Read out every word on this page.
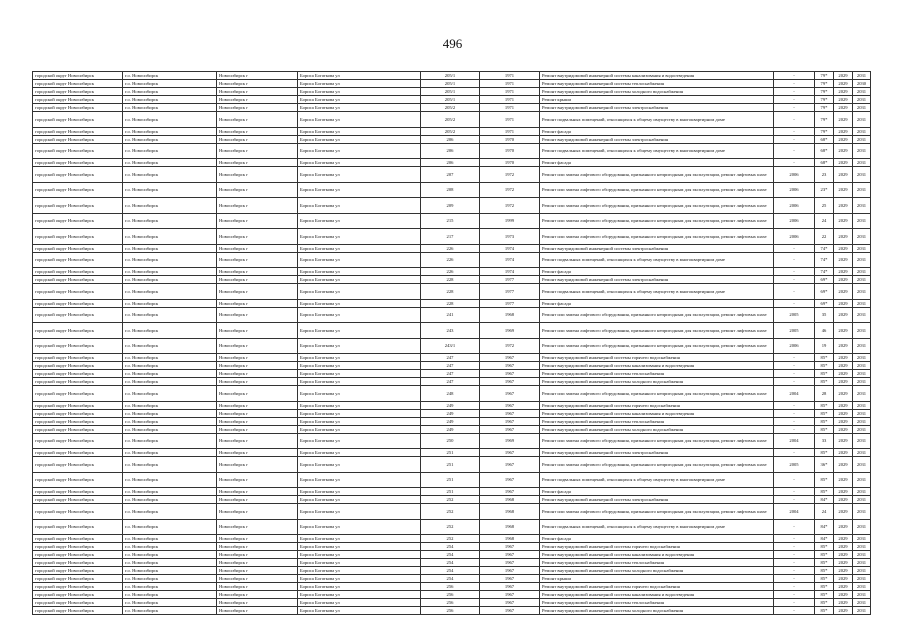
496
городской округ Новосибирск	г.о. Новосибирск	Новосибирск г	Бориса Богаткова ул	205/1	1971	Ремонт внутридомовой инженерной системы канализования и водоотведения	-	79*	2029	2031
городской округ Новосибирск	г.о. Новосибирск	Новосибирск г	Бориса Богаткова ул	205/1	1971	Ремонт внутридомовой инженерной системы теплоснабжения	-	79*	2029	2030
городской округ Новосибирск	г.о. Новосибирск	Новосибирск г	Бориса Богаткова ул	205/1	1971	Ремонт внутридомовой инженерной системы холодного водоснабжения	-	79*	2029	2031
городской округ Новосибирск	г.о. Новосибирск	Новосибирск г	Бориса Богаткова ул	205/1	1971	Ремонт крыши	-	79*	2029	2031
городской округ Новосибирск	г.о. Новосибирск	Новосибирск г	Бориса Богаткова ул	205/2	1971	Ремонт внутридомовой инженерной системы электроснабжения	-	79*	2029	2031
городской округ Новосибирск	г.о. Новосибирск	Новосибирск г	Бориса Богаткова ул	205/2	1971	Ремонт подвальных помещений, относящихся к общему имуществу в многоквартирном доме	-	79*	2029	2031
городской округ Новосибирск	г.о. Новосибирск	Новосибирск г	Бориса Богаткова ул	205/2	1971	Ремонт фасада	-	79*	2029	2031
городской округ Новосибирск	г.о. Новосибирск	Новосибирск г	Бориса Богаткова ул	206	1970	Ремонт внутридомовой инженерной системы электроснабжения	-	68*	2029	2031
городской округ Новосибирск	г.о. Новосибирск	Новосибирск г	Бориса Богаткова ул	206	1970	Ремонт подвальных помещений, относящихся к общему имуществу в многоквартирном доме	-	68*	2029	2031
городской округ Новосибирск	г.о. Новосибирск	Новосибирск г	Бориса Богаткова ул	206	1970	Ремонт фасада	-	68*	2029	2031
городской округ Новосибирск	г.о. Новосибирск	Новосибирск г	Бориса Богаткова ул	207	1972	Ремонт или замена лифтового оборудования, признанного непригодным для эксплуатации, ремонт лифтовых шахт	2006	23	2029	2031
городской округ Новосибирск	г.о. Новосибирск	Новосибирск г	Бориса Богаткова ул	208	1972	Ремонт или замена лифтового оборудования, признанного непригодным для эксплуатации, ремонт лифтовых шахт	2006	23*	2029	2031
городской округ Новосибирск	г.о. Новосибирск	Новосибирск г	Бориса Богаткова ул	209	1972	Ремонт или замена лифтового оборудования, признанного непригодным для эксплуатации, ремонт лифтовых шахт	2006	25	2029	2031
городской округ Новосибирск	г.о. Новосибирск	Новосибирск г	Бориса Богаткова ул	215	1999	Ремонт или замена лифтового оборудования, признанного непригодным для эксплуатации, ремонт лифтовых шахт	2006	24	2029	2031
городской округ Новосибирск	г.о. Новосибирск	Новосибирск г	Бориса Богаткова ул	217	1973	Ремонт или замена лифтового оборудования, признанного непригодным для эксплуатации, ремонт лифтовых шахт	2006	22	2029	2031
городской округ Новосибирск	г.о. Новосибирск	Новосибирск г	Бориса Богаткова ул	226	1974	Ремонт внутридомовой инженерной системы электроснабжения	-	74*	2029	2031
городской округ Новосибирск	г.о. Новосибирск	Новосибирск г	Бориса Богаткова ул	226	1974	Ремонт подвальных помещений, относящихся к общему имуществу в многоквартирном доме	-	74*	2029	2031
городской округ Новосибирск	г.о. Новосибирск	Новосибирск г	Бориса Богаткова ул	226	1974	Ремонт фасада	-	74*	2029	2031
городской округ Новосибирск	г.о. Новосибирск	Новосибирск г	Бориса Богаткова ул	228	1977	Ремонт внутридомовой инженерной системы электроснабжения	-	69*	2029	2031
городской округ Новосибирск	г.о. Новосибирск	Новосибирск г	Бориса Богаткова ул	228	1977	Ремонт подвальных помещений, относящихся к общему имуществу в многоквартирном доме	-	69*	2029	2031
городской округ Новосибирск	г.о. Новосибирск	Новосибирск г	Бориса Богаткова ул	228	1977	Ремонт фасада	-	69*	2029	2031
городской округ Новосибирск	г.о. Новосибирск	Новосибирск г	Бориса Богаткова ул	241	1968	Ремонт или замена лифтового оборудования, признанного непригодным для эксплуатации, ремонт лифтовых шахт	2005	35	2029	2031
городской округ Новосибирск	г.о. Новосибирск	Новосибирск г	Бориса Богаткова ул	243	1969	Ремонт или замена лифтового оборудования, признанного непригодным для эксплуатации, ремонт лифтовых шахт	2005	46	2029	2031
городской округ Новосибирск	г.о. Новосибирск	Новосибирск г	Бориса Богаткова ул	243/1	1972	Ремонт или замена лифтового оборудования, признанного непригодным для эксплуатации, ремонт лифтовых шахт	2006	19	2029	2031
городской округ Новосибирск	г.о. Новосибирск	Новосибирск г	Бориса Богаткова ул	247	1967	Ремонт внутридомовой инженерной системы горячего водоснабжения	-	85*	2029	2031
городской округ Новосибирск	г.о. Новосибирск	Новосибирск г	Бориса Богаткова ул	247	1967	Ремонт внутридомовой инженерной системы канализования и водоотведения	-	85*	2029	2031
городской округ Новосибирск	г.о. Новосибирск	Новосибирск г	Бориса Богаткова ул	247	1967	Ремонт внутридомовой инженерной системы теплоснабжения	-	85*	2029	2031
городской округ Новосибирск	г.о. Новосибирск	Новосибирск г	Бориса Богаткова ул	247	1967	Ремонт внутридомовой инженерной системы холодного водоснабжения	-	85*	2029	2031
городской округ Новосибирск	г.о. Новосибирск	Новосибирск г	Бориса Богаткова ул	248	1967	Ремонт или замена лифтового оборудования, признанного непригодным для эксплуатации, ремонт лифтовых шахт	2004	28	2029	2031
городской округ Новосибирск	г.о. Новосибирск	Новосибирск г	Бориса Богаткова ул	249	1967	Ремонт внутридомовой инженерной системы горячего водоснабжения	-	85*	2029	2031
городской округ Новосибирск	г.о. Новосибирск	Новосибирск г	Бориса Богаткова ул	249	1967	Ремонт внутридомовой инженерной системы канализования и водоотведения	-	85*	2029	2031
городской округ Новосибирск	г.о. Новосибирск	Новосибирск г	Бориса Богаткова ул	249	1967	Ремонт внутридомовой инженерной системы теплоснабжения	-	85*	2029	2031
городской округ Новосибирск	г.о. Новосибирск	Новосибирск г	Бориса Богаткова ул	249	1967	Ремонт внутридомовой инженерной системы холодного водоснабжения	-	85*	2029	2031
городской округ Новосибирск	г.о. Новосибирск	Новосибирск г	Бориса Богаткова ул	250	1969	Ремонт или замена лифтового оборудования, признанного непригодным для эксплуатации, ремонт лифтовых шахт	2004	33	2029	2031
городской округ Новосибирск	г.о. Новосибирск	Новосибирск г	Бориса Богаткова ул	251	1967	Ремонт внутридомовой инженерной системы электроснабжения	-	85*	2029	2031
городской округ Новосибирск	г.о. Новосибирск	Новосибирск г	Бориса Богаткова ул	251	1967	Ремонт или замена лифтового оборудования, признанного непригодным для эксплуатации, ремонт лифтовых шахт	2005	36*	2029	2031
городской округ Новосибирск	г.о. Новосибирск	Новосибирск г	Бориса Богаткова ул	251	1967	Ремонт подвальных помещений, относящихся к общему имуществу в многоквартирном доме	-	85*	2029	2031
городской округ Новосибирск	г.о. Новосибирск	Новосибирск г	Бориса Богаткова ул	251	1967	Ремонт фасада	-	85*	2029	2031
городской округ Новосибирск	г.о. Новосибирск	Новосибирск г	Бориса Богаткова ул	252	1968	Ремонт внутридомовой инженерной системы электроснабжения	-	84*	2029	2031
городской округ Новосибирск	г.о. Новосибирск	Новосибирск г	Бориса Богаткова ул	252	1968	Ремонт или замена лифтового оборудования, признанного непригодным для эксплуатации, ремонт лифтовых шахт	2004	24	2029	2031
городской округ Новосибирск	г.о. Новосибирск	Новосибирск г	Бориса Богаткова ул	252	1968	Ремонт подвальных помещений, относящихся к общему имуществу в многоквартирном доме	-	84*	2029	2031
городской округ Новосибирск	г.о. Новосибирск	Новосибирск г	Бориса Богаткова ул	252	1968	Ремонт фасада	-	84*	2029	2031
городской округ Новосибирск	г.о. Новосибирск	Новосибирск г	Бориса Богаткова ул	254	1967	Ремонт внутридомовой инженерной системы горячего водоснабжения	-	85*	2029	2031
городской округ Новосибирск	г.о. Новосибирск	Новосибирск г	Бориса Богаткова ул	254	1967	Ремонт внутридомовой инженерной системы канализования и водоотведения	-	85*	2029	2031
городской округ Новосибирск	г.о. Новосибирск	Новосибирск г	Бориса Богаткова ул	254	1967	Ремонт внутридомовой инженерной системы теплоснабжения	-	85*	2029	2031
городской округ Новосибирск	г.о. Новосибирск	Новосибирск г	Бориса Богаткова ул	254	1967	Ремонт внутридомовой инженерной системы холодного водоснабжения	-	85*	2029	2031
городской округ Новосибирск	г.о. Новосибирск	Новосибирск г	Бориса Богаткова ул	254	1967	Ремонт крыши	-	85*	2029	2031
городской округ Новосибирск	г.о. Новосибирск	Новосибирск г	Бориса Богаткова ул	256	1967	Ремонт внутридомовой инженерной системы горячего водоснабжения	-	85*	2029	2031
городской округ Новосибирск	г.о. Новосибирск	Новосибирск г	Бориса Богаткова ул	256	1967	Ремонт внутридомовой инженерной системы канализования и водоотведения	-	85*	2029	2031
городской округ Новосибирск	г.о. Новосибирск	Новосибирск г	Бориса Богаткова ул	256	1967	Ремонт внутридомовой инженерной системы теплоснабжения	-	85*	2029	2031
городской округ Новосибирск	г.о. Новосибирск	Новосибирск г	Бориса Богаткова ул	256	1967	Ремонт внутридомовой инженерной системы холодного водоснабжения	-	85*	2029	2031
